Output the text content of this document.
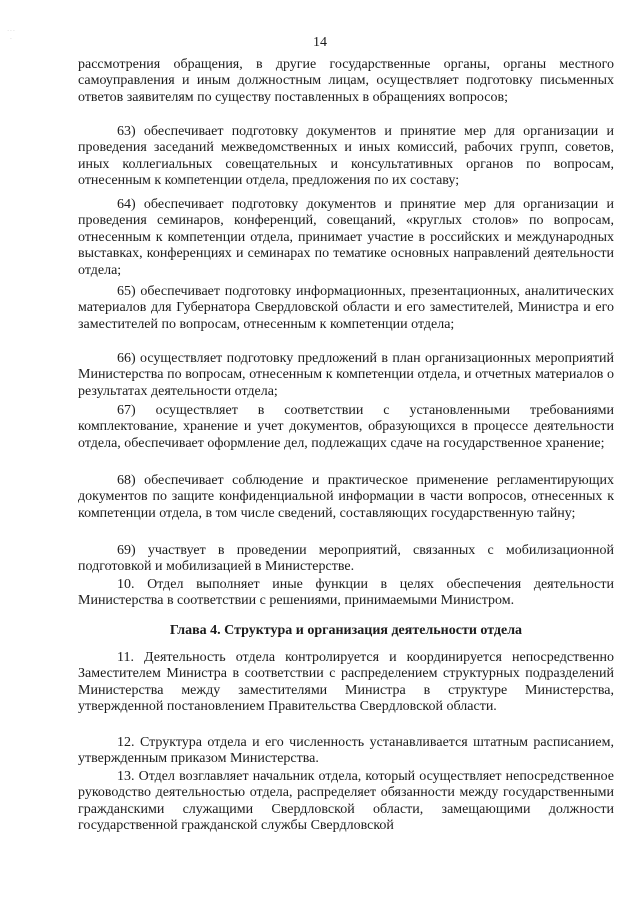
· · · ·	14

рассмотрения обращения, в другие государственные органы, органы местного самоуправления и иным должностным лицам, осуществляет подготовку письменных ответов заявителям по существу поставленных в обращениях вопросов;

63) обеспечивает подготовку документов и принятие мер для организации и проведения заседаний межведомственных и иных комиссий, рабочих групп, советов, иных коллегиальных совещательных и консультативных органов по вопросам, отнесенным к компетенции отдела, предложения по их составу;

64) обеспечивает подготовку документов и принятие мер для организации и проведения семинаров, конференций, совещаний, «круглых столов» по вопросам, отнесенным к компетенции отдела, принимает участие в российских и международных выставках, конференциях и семинарах по тематике основных направлений деятельности отдела;

65) обеспечивает подготовку информационных, презентационных, аналитических материалов для Губернатора Свердловской области и его заместителей, Министра и его заместителей по вопросам, отнесенным к компетенции отдела;

66) осуществляет подготовку предложений в план организационных мероприятий Министерства по вопросам, отнесенным к компетенции отдела, и отчетных материалов о результатах деятельности отдела;

67) осуществляет в соответствии с установленными требованиями комплектование, хранение и учет документов, образующихся в процессе деятельности отдела, обеспечивает оформление дел, подлежащих сдаче на государственное хранение;

68) обеспечивает соблюдение и практическое применение регламентирующих документов по защите конфиденциальной информации в части вопросов, отнесенных к компетенции отдела, в том числе сведений, составляющих государственную тайну;

69) участвует в проведении мероприятий, связанных с мобилизационной подготовкой и мобилизацией в Министерстве.

10. Отдел выполняет иные функции в целях обеспечения деятельности Министерства в соответствии с решениями, принимаемыми Министром.

Глава 4. Структура и организация деятельности отдела

11. Деятельность отдела контролируется и координируется непосредственно Заместителем Министра в соответствии с распределением структурных подразделений Министерства между заместителями Министра в структуре Министерства, утвержденной постановлением Правительства Свердловской области.

12. Структура отдела и его численность устанавливается штатным расписанием, утвержденным приказом Министерства.

13. Отдел возглавляет начальник отдела, который осуществляет непосредственное руководство деятельностью отдела, распределяет обязанности между государственными гражданскими служащими Свердловской области, замещающими должности государственной гражданской службы Свердловской
